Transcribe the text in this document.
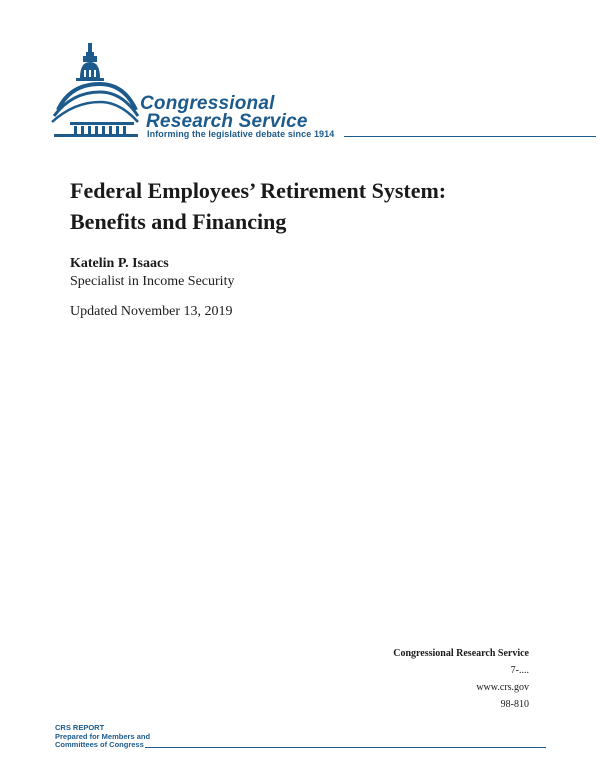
Congressional
Research Service
Informing the legislative debate since 1914
Federal Employees’ Retirement System:
Benefits and Financing
Katelin P. Isaacs
Specialist in Income Security
Updated November 13, 2019
Congressional Research Service
7-....
www.crs.gov
98-810
CRS REPORT
Prepared for Members and
Committees of Congress
